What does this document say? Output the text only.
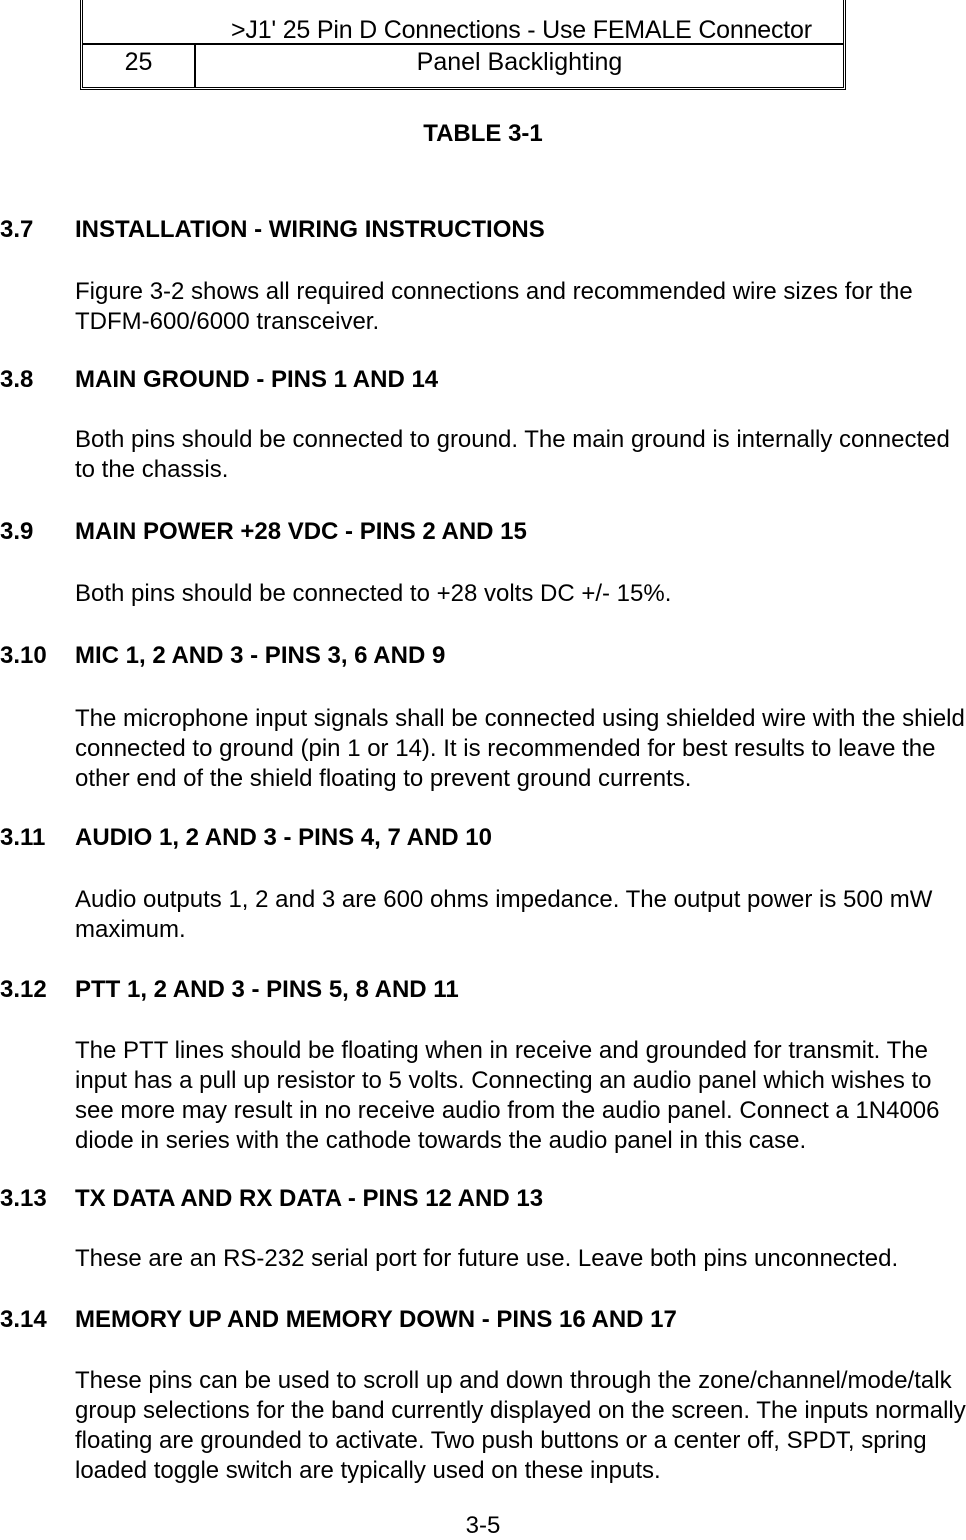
>J1' 25 Pin D Connections - Use FEMALE Connector
25	Panel Backlighting
TABLE 3-1
3.7 INSTALLATION - WIRING INSTRUCTIONS
Figure 3-2 shows all required connections and recommended wire sizes for the
TDFM-600/6000 transceiver.
3.8 MAIN GROUND - PINS 1 AND 14
Both pins should be connected to ground. The main ground is internally connected
to the chassis.
3.9 MAIN POWER +28 VDC - PINS 2 AND 15
Both pins should be connected to +28 volts DC +/- 15%.
3.10 MIC 1, 2 AND 3 - PINS 3, 6 AND 9
The microphone input signals shall be connected using shielded wire with the shield
connected to ground (pin 1 or 14). It is recommended for best results to leave the
other end of the shield floating to prevent ground currents.
3.11 AUDIO 1, 2 AND 3 - PINS 4, 7 AND 10
Audio outputs 1, 2 and 3 are 600 ohms impedance. The output power is 500 mW
maximum.
3.12 PTT 1, 2 AND 3 - PINS 5, 8 AND 11
The PTT lines should be floating when in receive and grounded for transmit. The
input has a pull up resistor to 5 volts. Connecting an audio panel which wishes to
see more may result in no receive audio from the audio panel. Connect a 1N4006
diode in series with the cathode towards the audio panel in this case.
3.13 TX DATA AND RX DATA - PINS 12 AND 13
These are an RS-232 serial port for future use. Leave both pins unconnected.
3.14 MEMORY UP AND MEMORY DOWN - PINS 16 AND 17
These pins can be used to scroll up and down through the zone/channel/mode/talk
group selections for the band currently displayed on the screen. The inputs normally
floating are grounded to activate. Two push buttons or a center off, SPDT, spring
loaded toggle switch are typically used on these inputs.
3-5
